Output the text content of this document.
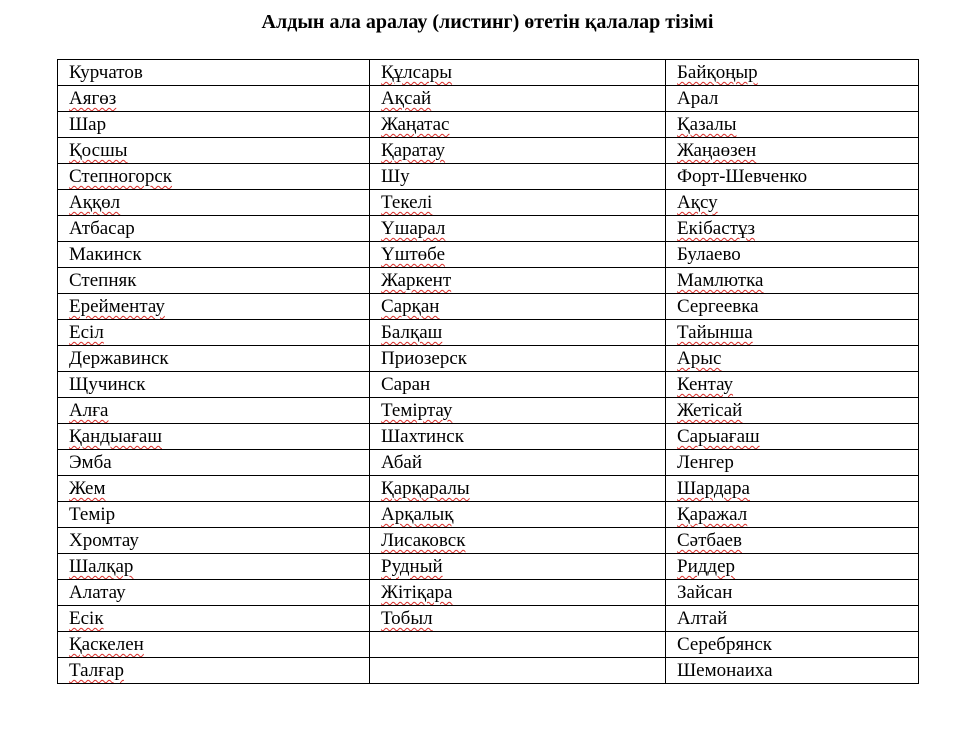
Алдын ала аралау (листинг) өтетін қалалар тізімі
Курчатов	Құлсары	Байқоңыр
Аягөз	Ақсай	Арал
Шар	Жаңатас	Қазалы
Қосшы	Қаратау	Жаңаөзен
Степногорск	Шу	Форт-Шевченко
Аққөл	Текелі	Ақсу
Атбасар	Үшарал	Екібастұз
Макинск	Үштөбе	Булаево
Степняк	Жаркент	Мамлютка
Ерейментау	Сарқан	Сергеевка
Есіл	Балқаш	Тайынша
Державинск	Приозерск	Арыс
Щучинск	Саран	Кентау
Алға	Теміртау	Жетісай
Қандыағаш	Шахтинск	Сарыағаш
Эмба	Абай	Ленгер
Жем	Қарқаралы	Шардара
Темір	Арқалық	Қаражал
Хромтау	Лисаковск	Сәтбаев
Шалқар	Рудный	Риддер
Алатау	Жітіқара	Зайсан
Есік	Тобыл	Алтай
Қаскелен		Серебрянск
Талғар		Шемонаиха
